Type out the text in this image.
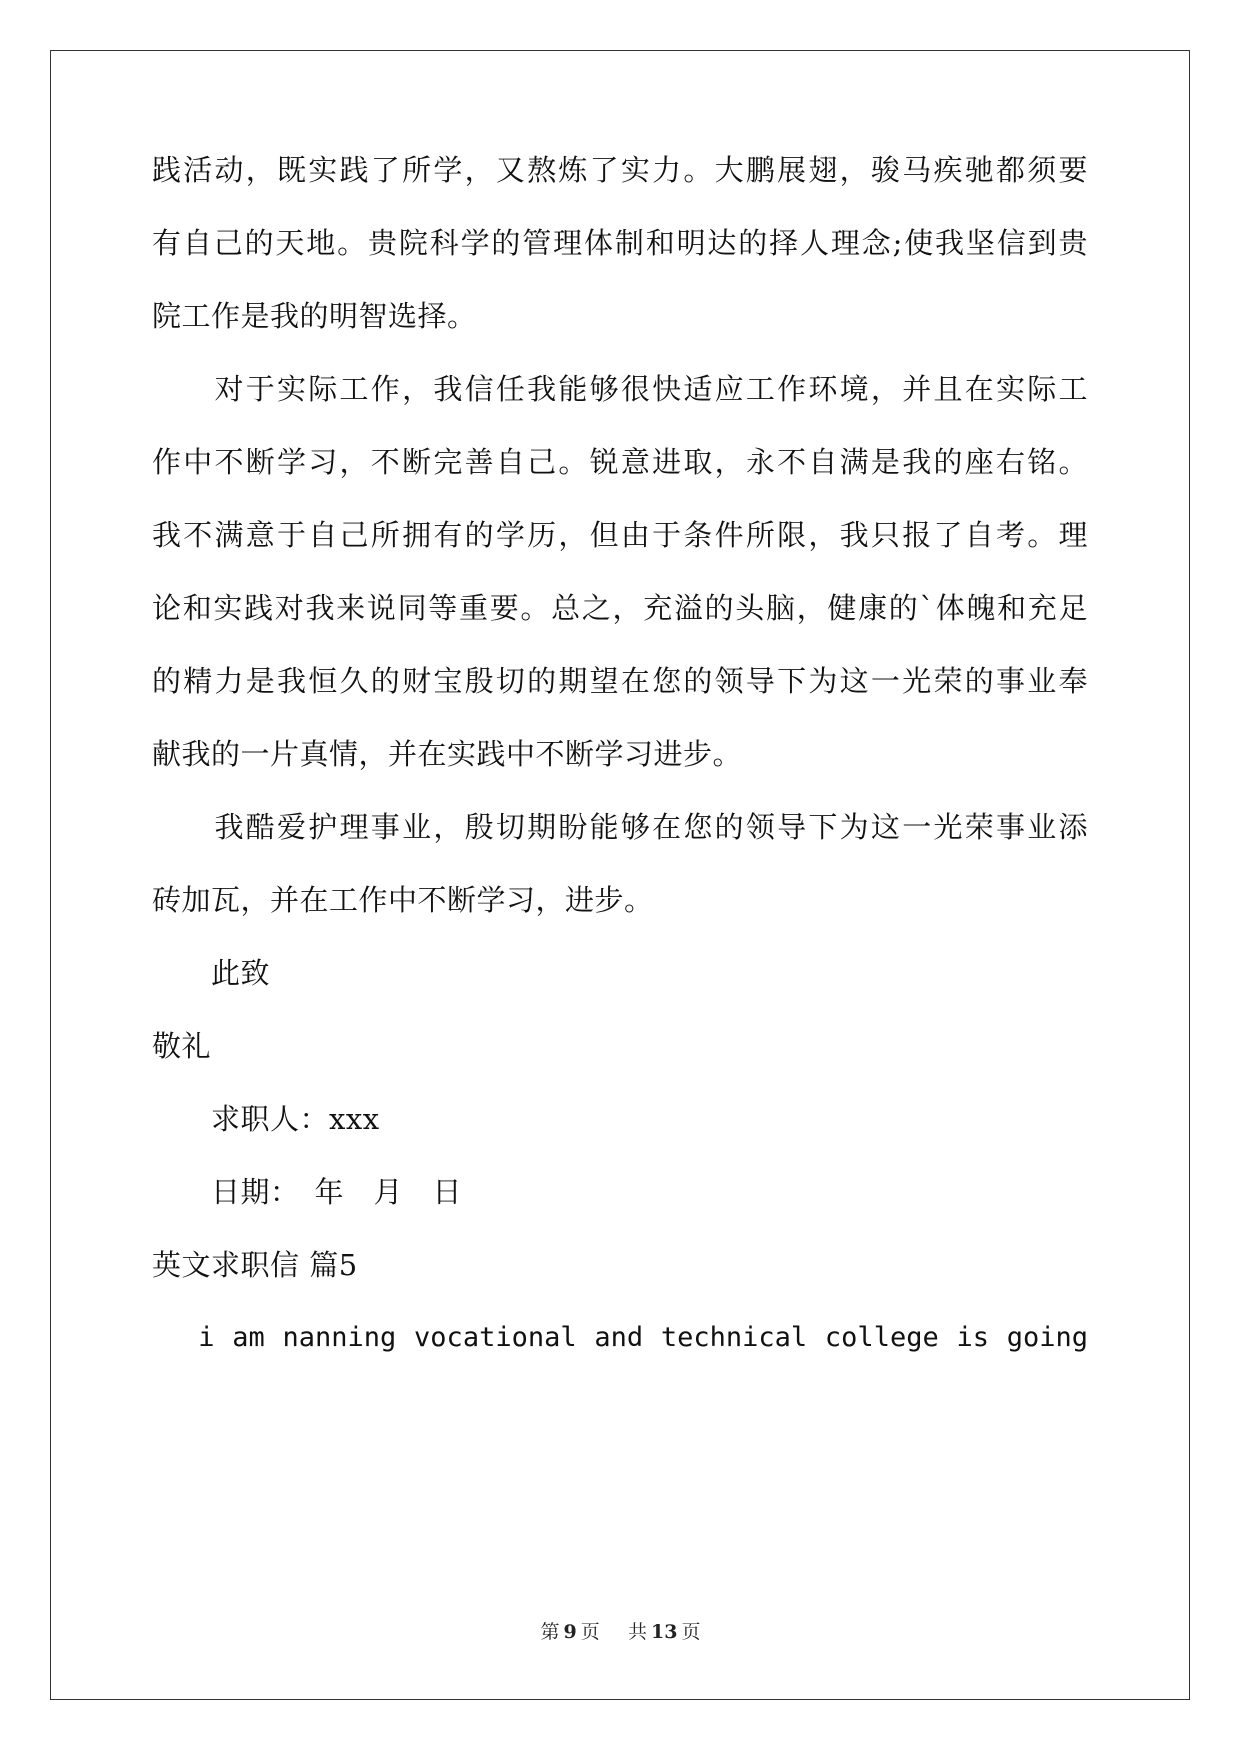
践活动，既实践了所学，又熬炼了实力。大鹏展翅，骏马疾驰都须要
有自己的天地。贵院科学的管理体制和明达的择人理念;使我坚信到贵
院工作是我的明智选择。
　　对于实际工作，我信任我能够很快适应工作环境，并且在实际工
作中不断学习，不断完善自己。锐意进取，永不自满是我的座右铭。
我不满意于自己所拥有的学历，但由于条件所限，我只报了自考。理
论和实践对我来说同等重要。总之，充溢的头脑，健康的`体魄和充足
的精力是我恒久的财宝殷切的期望在您的领导下为这一光荣的事业奉
献我的一片真情，并在实践中不断学习进步。
　　我酷爱护理事业，殷切期盼能够在您的领导下为这一光荣事业添
砖加瓦，并在工作中不断学习，进步。
　　此致
敬礼
　　求职人：xxx
　　日期：　年　月　日
英文求职信 篇5
　 i am nanning vocational and technical college is going
第 9 页 共 13 页
